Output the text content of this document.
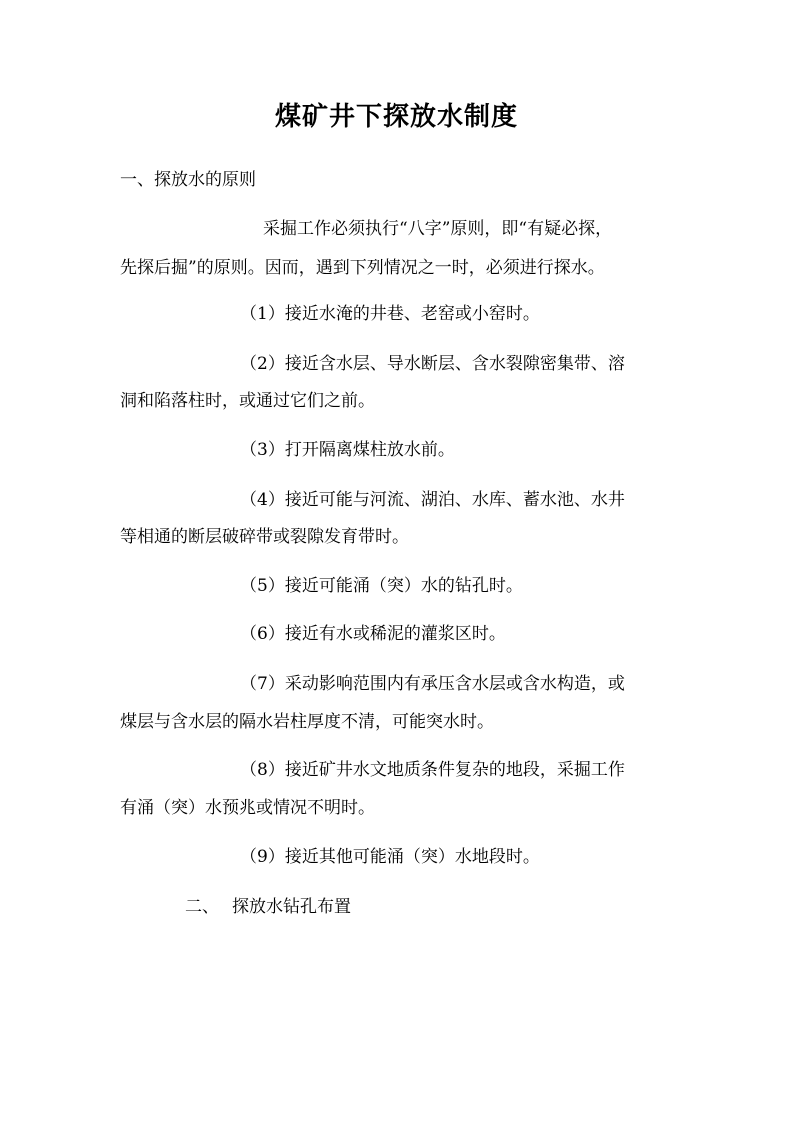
煤矿井下探放水制度
一、探放水的原则
采掘工作必须执行“八字”原则，即“有疑必探，
先探后掘”的原则。因而，遇到下列情况之一时，必须进行探水。
（1）接近水淹的井巷、老窑或小窑时。
（2）接近含水层、导水断层、含水裂隙密集带、溶
洞和陷落柱时，或通过它们之前。
（3）打开隔离煤柱放水前。
（4）接近可能与河流、湖泊、水库、蓄水池、水井
等相通的断层破碎带或裂隙发育带时。
（5）接近可能涌（突）水的钻孔时。
（6）接近有水或稀泥的灌浆区时。
（7）采动影响范围内有承压含水层或含水构造，或
煤层与含水层的隔水岩柱厚度不清，可能突水时。
（8）接近矿井水文地质条件复杂的地段，采掘工作
有涌（突）水预兆或情况不明时。
（9）接近其他可能涌（突）水地段时。
二、 探放水钻孔布置
